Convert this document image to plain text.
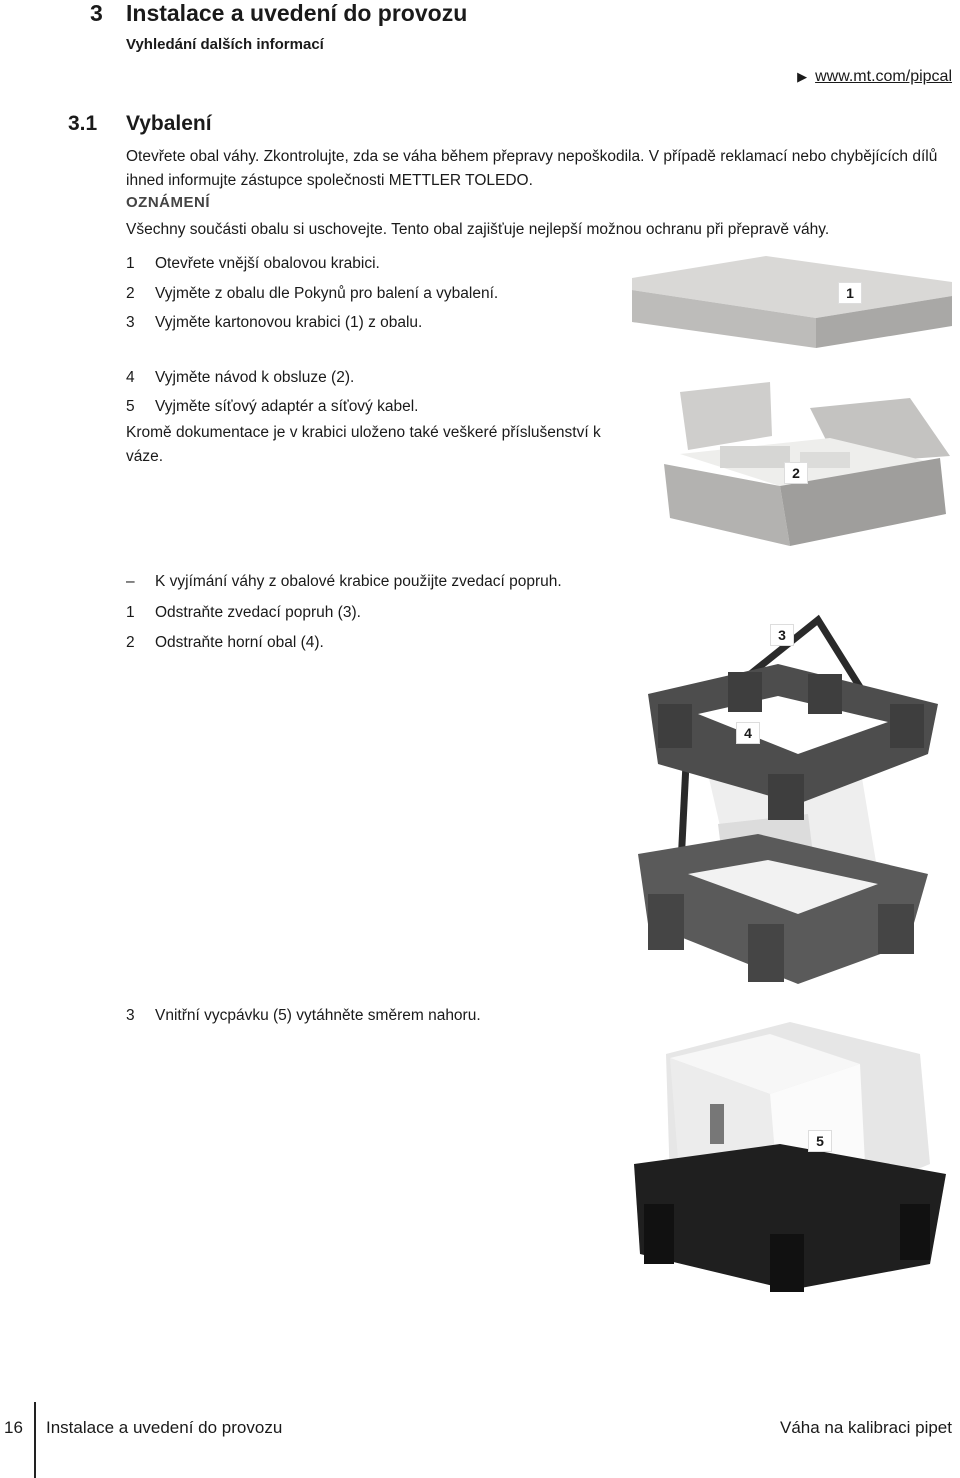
3 Instalace a uvedení do provozu
Vyhledání dalších informací
▶ www.mt.com/pipcal
3.1 Vybalení
Otevřete obal váhy. Zkontrolujte, zda se váha během přepravy nepoškodila. V případě reklamací nebo chybějících dílů ihned informujte zástupce společnosti METTLER TOLEDO.
OZNÁMENÍ
Všechny součásti obalu si uschovejte. Tento obal zajišťuje nejlepší možnou ochranu při přepravě váhy.
1	Otevřete vnější obalovou krabici.
2	Vyjměte z obalu dle Pokynů pro balení a vybalení.
3	Vyjměte kartonovou krabici (1) z obalu.
1
4	Vyjměte návod k obsluze (2).
5	Vyjměte síťový adaptér a síťový kabel.
Kromě dokumentace je v krabici uloženo také veškeré příslušenství k váze.
2
–	K vyjímání váhy z obalové krabice použijte zvedací popruh.
1	Odstraňte zvedací popruh (3).
2	Odstraňte horní obal (4).	3
4
3	Vnitřní vycpávku (5) vytáhněte směrem nahoru.
5
16 Instalace a uvedení do provozu	Váha na kalibraci pipet
